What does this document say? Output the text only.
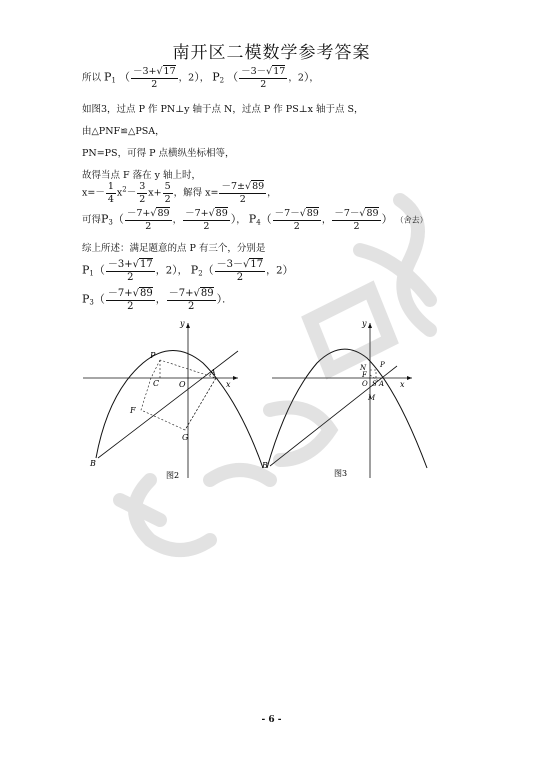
南开区二模数学参考答案
所以 $P_1$ （ $\frac{-3+√17}{2}$ ，2）， $P_2$ （ $\frac{-3-√17}{2}$ ，2），
如图3，过点 P 作 PN⊥y 轴于点 N，过点 P 作 PS⊥x 轴于点 S，
由△PNF≌△PSA，
PN=PS，可得 P 点横纵坐标相等，
故得当点 F 落在 y 轴上时，
$x=- \frac{1}{4} x^2- \frac{3}{2} x+ \frac{5}{2}$ ，解得 $x= \frac{-7\pm√89}{2}$ ，
可得$P_3( \frac{-7+√89}{2}$ ， $\frac{-7+√89}{2}$ ）， $P_4( \frac{-7-√89}{2}$ ， $\frac{-7-√89}{2}$ ） （舍去）
综上所述：满足题意的点 P 有三个，分别是
$P_1( \frac{-3+√17}{2}$ ，2）， $P_2( \frac{-3-√17}{2}$ ，2）
$P_3( \frac{-7+√89}{2}$ ， $\frac{-7+√89}{2}$ ）．
y
x
P
C O
A
F
G
B
图2
y
x
N P
F
O S A
M
B
图3
- 6 -
